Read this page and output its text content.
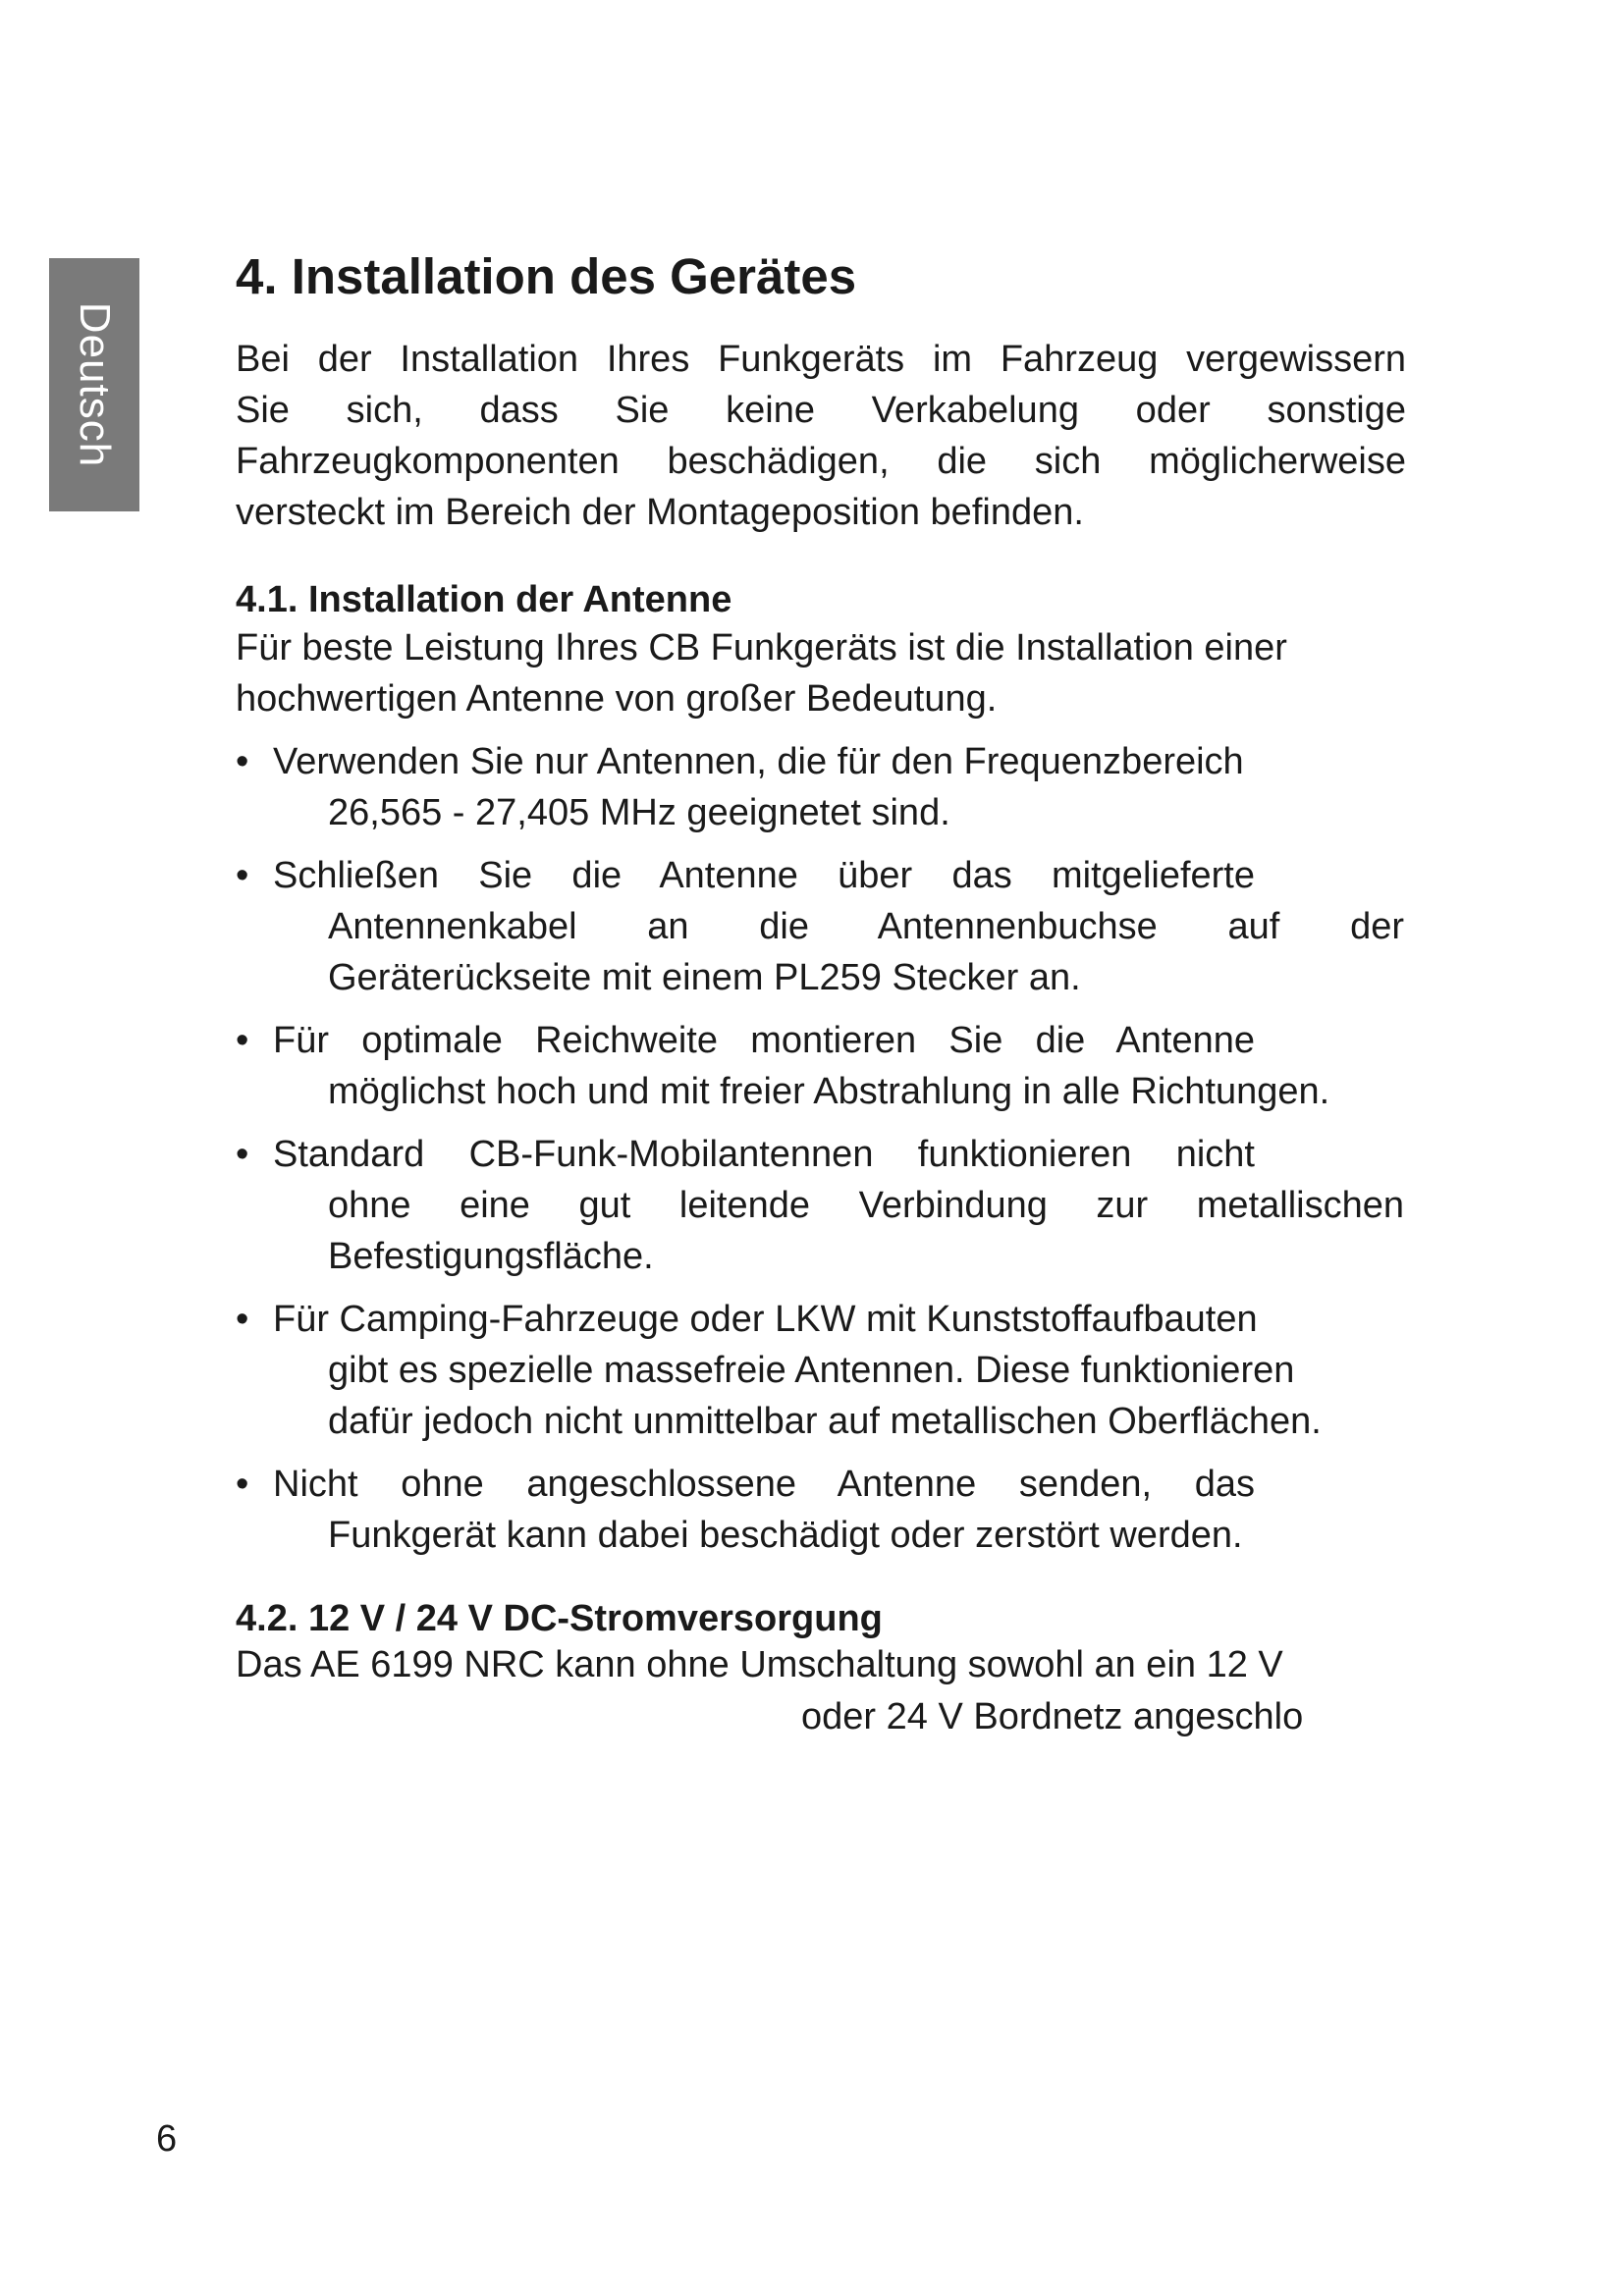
Deutsch
4. Installation des Gerätes
Bei der Installation Ihres Funkgeräts im Fahrzeug vergewissern
Sie sich, dass Sie keine Verkabelung oder sonstige
Fahrzeugkomponenten beschädigen, die sich möglicherweise
versteckt im Bereich der Montageposition befinden.
4.1. Installation der Antenne
Für beste Leistung Ihres CB Funkgeräts ist die Installation einer
hochwertigen Antenne von großer Bedeutung.
• Verwenden Sie nur Antennen, die für den Frequenzbereich
26,565 - 27,405 MHz geeignetet sind.
• Schließen Sie die Antenne über das mitgelieferte
Antennenkabel an die Antennenbuchse auf der
Geräterückseite mit einem PL259 Stecker an.
• Für optimale Reichweite montieren Sie die Antenne
möglichst hoch und mit freier Abstrahlung in alle Richtungen.
• Standard CB-Funk-Mobilantennen funktionieren nicht
ohne eine gut leitende Verbindung zur metallischen
Befestigungsfläche.
• Für Camping-Fahrzeuge oder LKW mit Kunststoffaufbauten
gibt es spezielle massefreie Antennen. Diese funktionieren
dafür jedoch nicht unmittelbar auf metallischen Oberflächen.
• Nicht ohne angeschlossene Antenne senden, das
Funkgerät kann dabei beschädigt oder zerstört werden.
4.2. 12 V / 24 V DC-Stromversorgung
Das AE 6199 NRC kann ohne Umschaltung sowohl an ein 12 V
oder 24 V Bordnetz angeschlo
6
